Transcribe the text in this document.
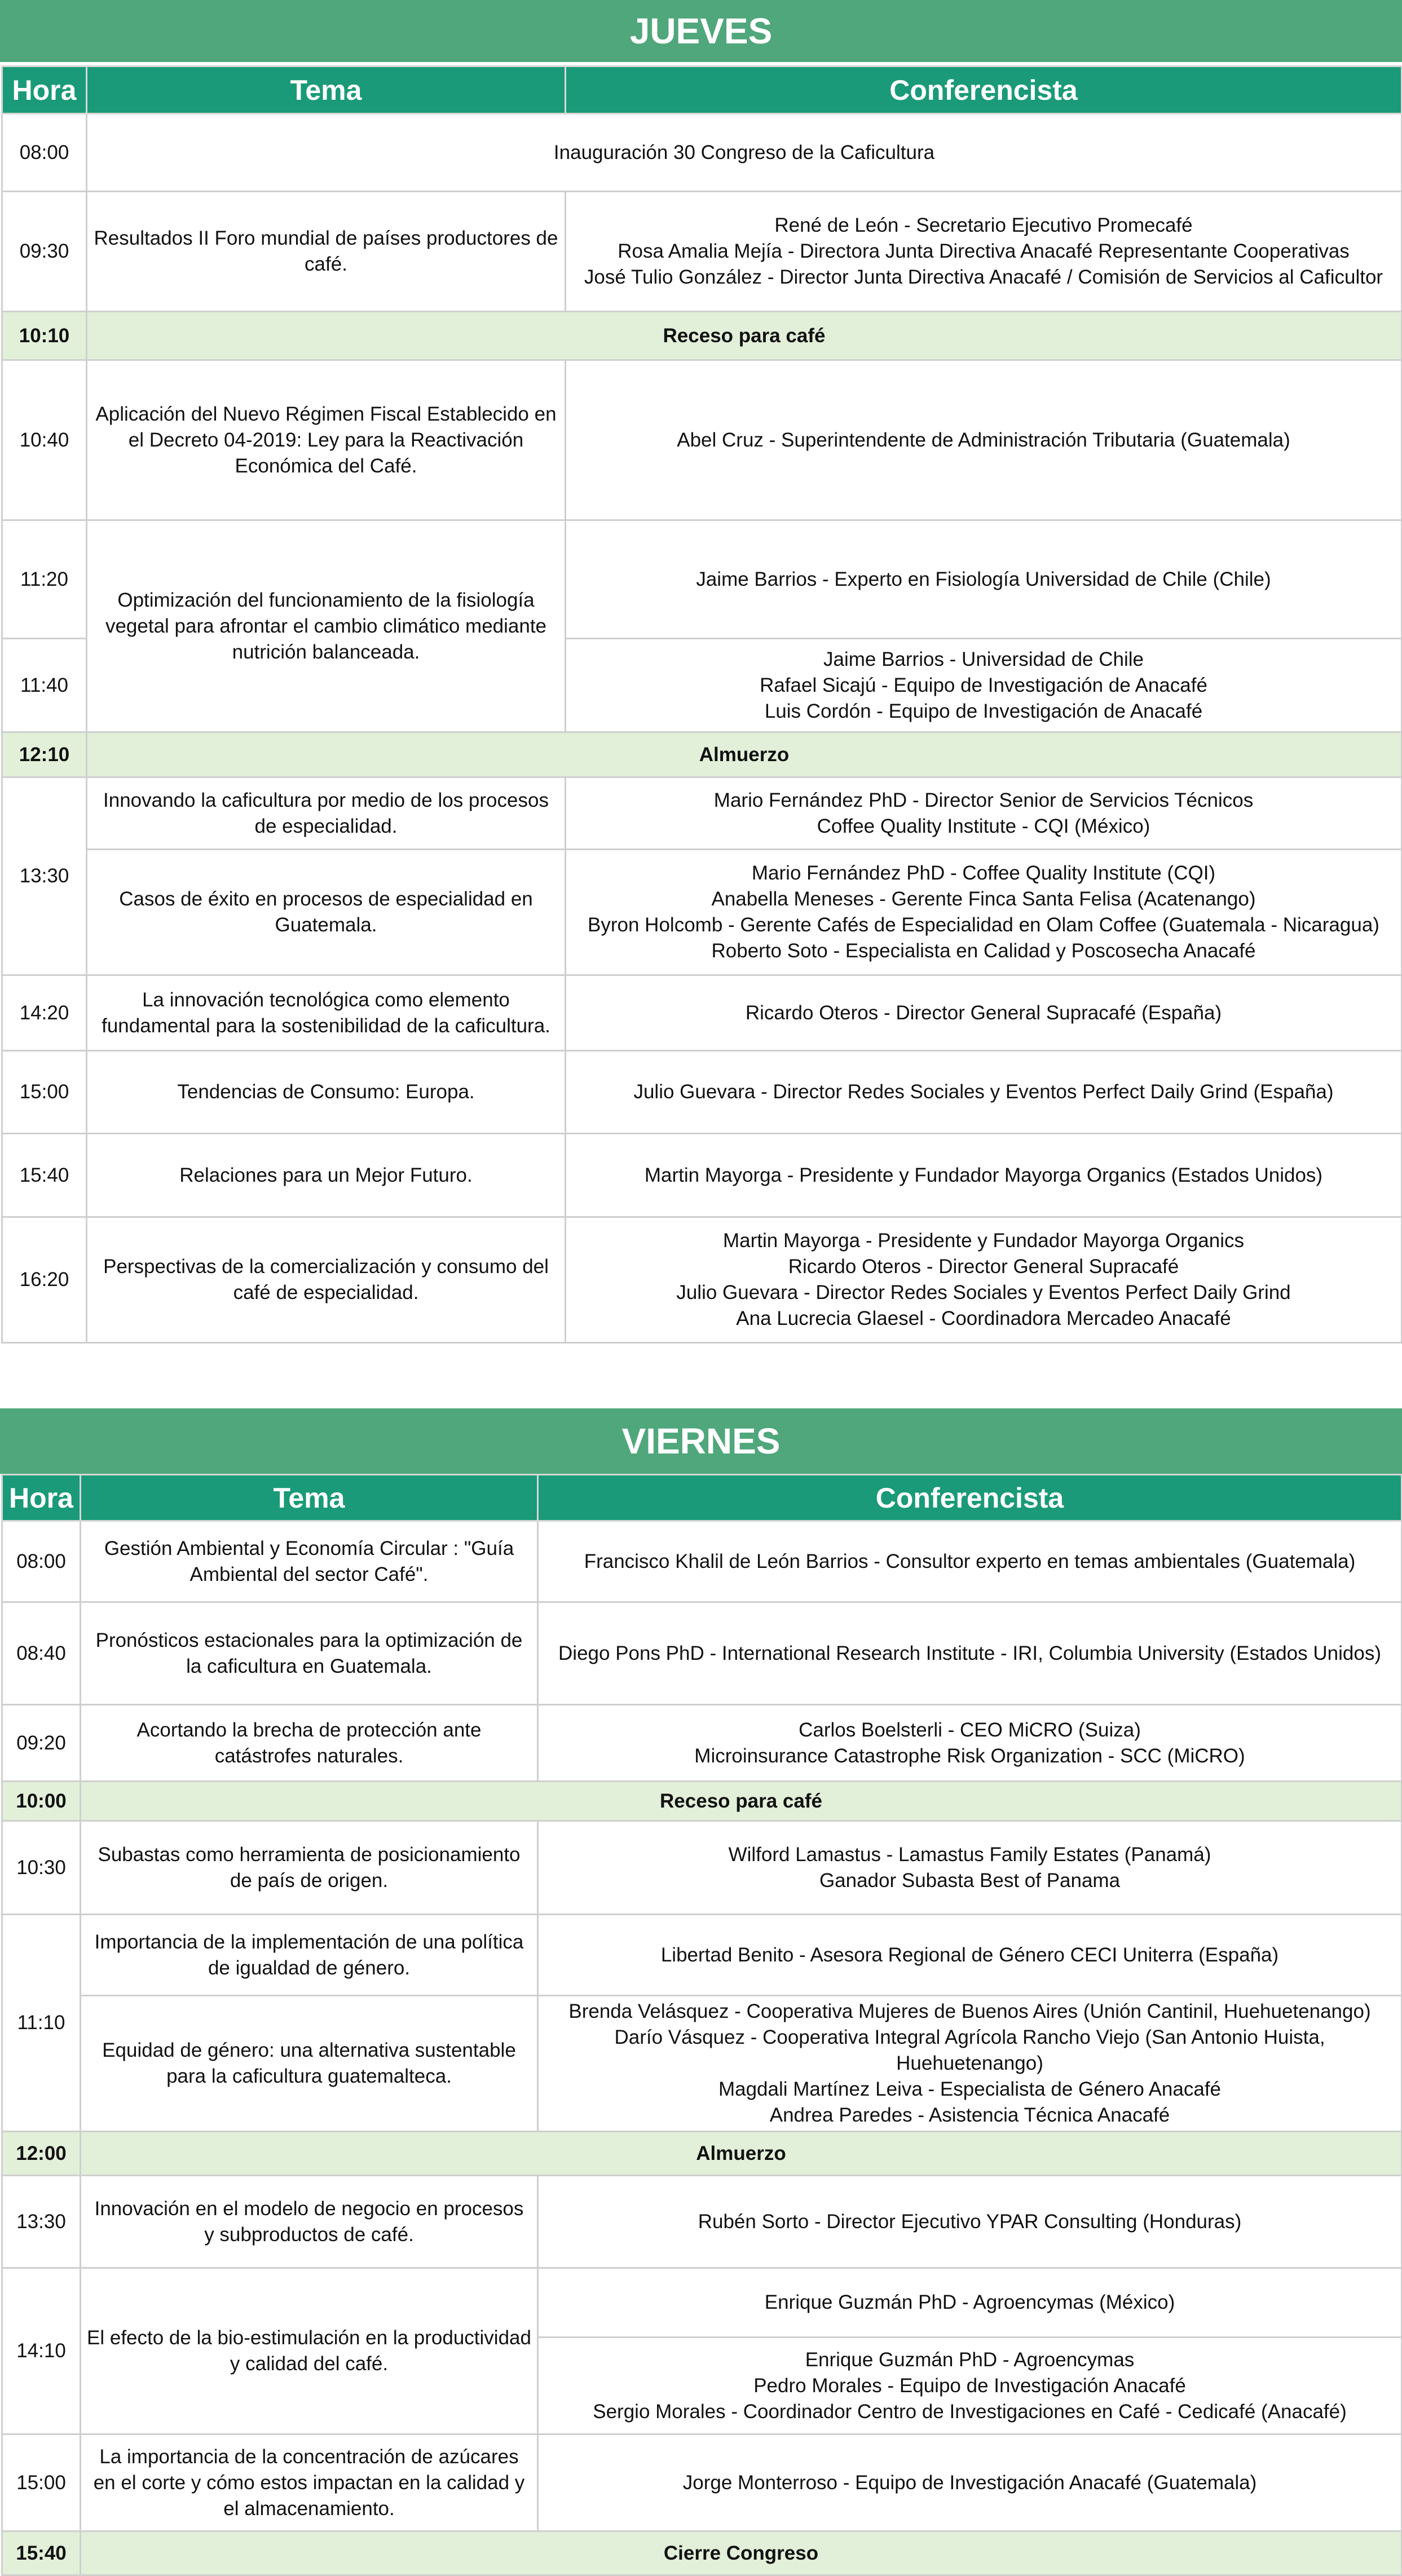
JUEVES
Hora	Tema	Conferencista
08:00	Inauguración 30 Congreso de la Caficultura	
09:30	Resultados II Foro mundial de países productores de café.	René de León - Secretario Ejecutivo Promecafé
Rosa Amalia Mejía - Directora Junta Directiva Anacafé Representante Cooperativas
José Tulio González - Director Junta Directiva Anacafé / Comisión de Servicios al Caficultor

10:10	Receso para café	
10:40	Aplicación del Nuevo Régimen Fiscal Establecido en el Decreto 04-2019: Ley para la Reactivación Económica del Café.	Abel Cruz - Superintendente de Administración Tributaria (Guatemala)
11:20	Optimización del funcionamiento de la fisiología vegetal para afrontar el cambio climático mediante nutrición balanceada.	Jaime Barrios - Experto en Fisiología Universidad de Chile (Chile)
11:40		Jaime Barrios - Universidad de Chile
Rafael Sicajú - Equipo de Investigación de Anacafé
Luis Cordón - Equipo de Investigación de Anacafé

12:10	Almuerzo	
13:30	Innovando la caficultura por medio de los procesos de especialidad.	Mario Fernández PhD - Director Senior de Servicios Técnicos
Coffee Quality Institute - CQI (México)

	Casos de éxito en procesos de especialidad en Guatemala.	Mario Fernández PhD - Coffee Quality Institute (CQI)
Anabella Meneses - Gerente Finca Santa Felisa (Acatenango)
Byron Holcomb - Gerente Cafés de Especialidad en Olam Coffee (Guatemala - Nicaragua)
Roberto Soto - Especialista en Calidad y Poscosecha Anacafé

14:20	La innovación tecnológica como elemento fundamental para la sostenibilidad de la caficultura.	Ricardo Oteros - Director General Supracafé (España)
15:00	Tendencias de Consumo: Europa.	Julio Guevara - Director Redes Sociales y Eventos Perfect Daily Grind (España)
15:40	Relaciones para un Mejor Futuro.	Martin Mayorga - Presidente y Fundador Mayorga Organics (Estados Unidos)
16:20	Perspectivas de la comercialización y consumo del café de especialidad.	Martin Mayorga - Presidente y Fundador Mayorga Organics
Ricardo Oteros - Director General Supracafé
Julio Guevara - Director Redes Sociales y Eventos Perfect Daily Grind
Ana Lucrecia Glaesel - Coordinadora Mercadeo Anacafé
VIERNES
Hora	Tema	Conferencista
08:00	Gestión Ambiental y Economía Circular : "Guía Ambiental del sector Café".	Francisco Khalil de León Barrios - Consultor experto en temas ambientales (Guatemala)
08:40	Pronósticos estacionales para la optimización de la caficultura en Guatemala.	Diego Pons PhD - International Research Institute - IRI, Columbia University (Estados Unidos)
09:20	Acortando la brecha de protección ante catástrofes naturales.	Carlos Boelsterli - CEO MiCRO (Suiza)
Microinsurance Catastrophe Risk Organization - SCC (MiCRO)

10:00	Receso para café	
10:30	Subastas como herramienta de posicionamiento de país de origen.	Wilford Lamastus - Lamastus Family Estates (Panamá)
Ganador Subasta Best of Panama

11:10	Importancia de la implementación de una política de igualdad de género.	Libertad Benito - Asesora Regional de Género CECI Uniterra (España)
	Equidad de género: una alternativa sustentable para la caficultura guatemalteca.	Brenda Velásquez - Cooperativa Mujeres de Buenos Aires (Unión Cantinil, Huehuetenango)
Darío Vásquez - Cooperativa Integral Agrícola Rancho Viejo (San Antonio Huista, Huehuetenango)
Magdali Martínez Leiva - Especialista de Género Anacafé
Andrea Paredes - Asistencia Técnica Anacafé

12:00	Almuerzo	
13:30	Innovación en el modelo de negocio en procesos y subproductos de café.	Rubén Sorto - Director Ejecutivo YPAR Consulting (Honduras)
14:10	El efecto de la bio-estimulación en la productividad y calidad del café.	Enrique Guzmán PhD - Agroencymas (México)

		Enrique Guzmán PhD - Agroencymas
Pedro Morales - Equipo de Investigación Anacafé
Sergio Morales - Coordinador Centro de Investigaciones en Café - Cedicafé (Anacafé)

15:00	La importancia de la concentración de azúcares en el corte y cómo estos impactan en la calidad y el almacenamiento.	Jorge Monterroso - Equipo de Investigación Anacafé (Guatemala)
15:40	Cierre Congreso	
